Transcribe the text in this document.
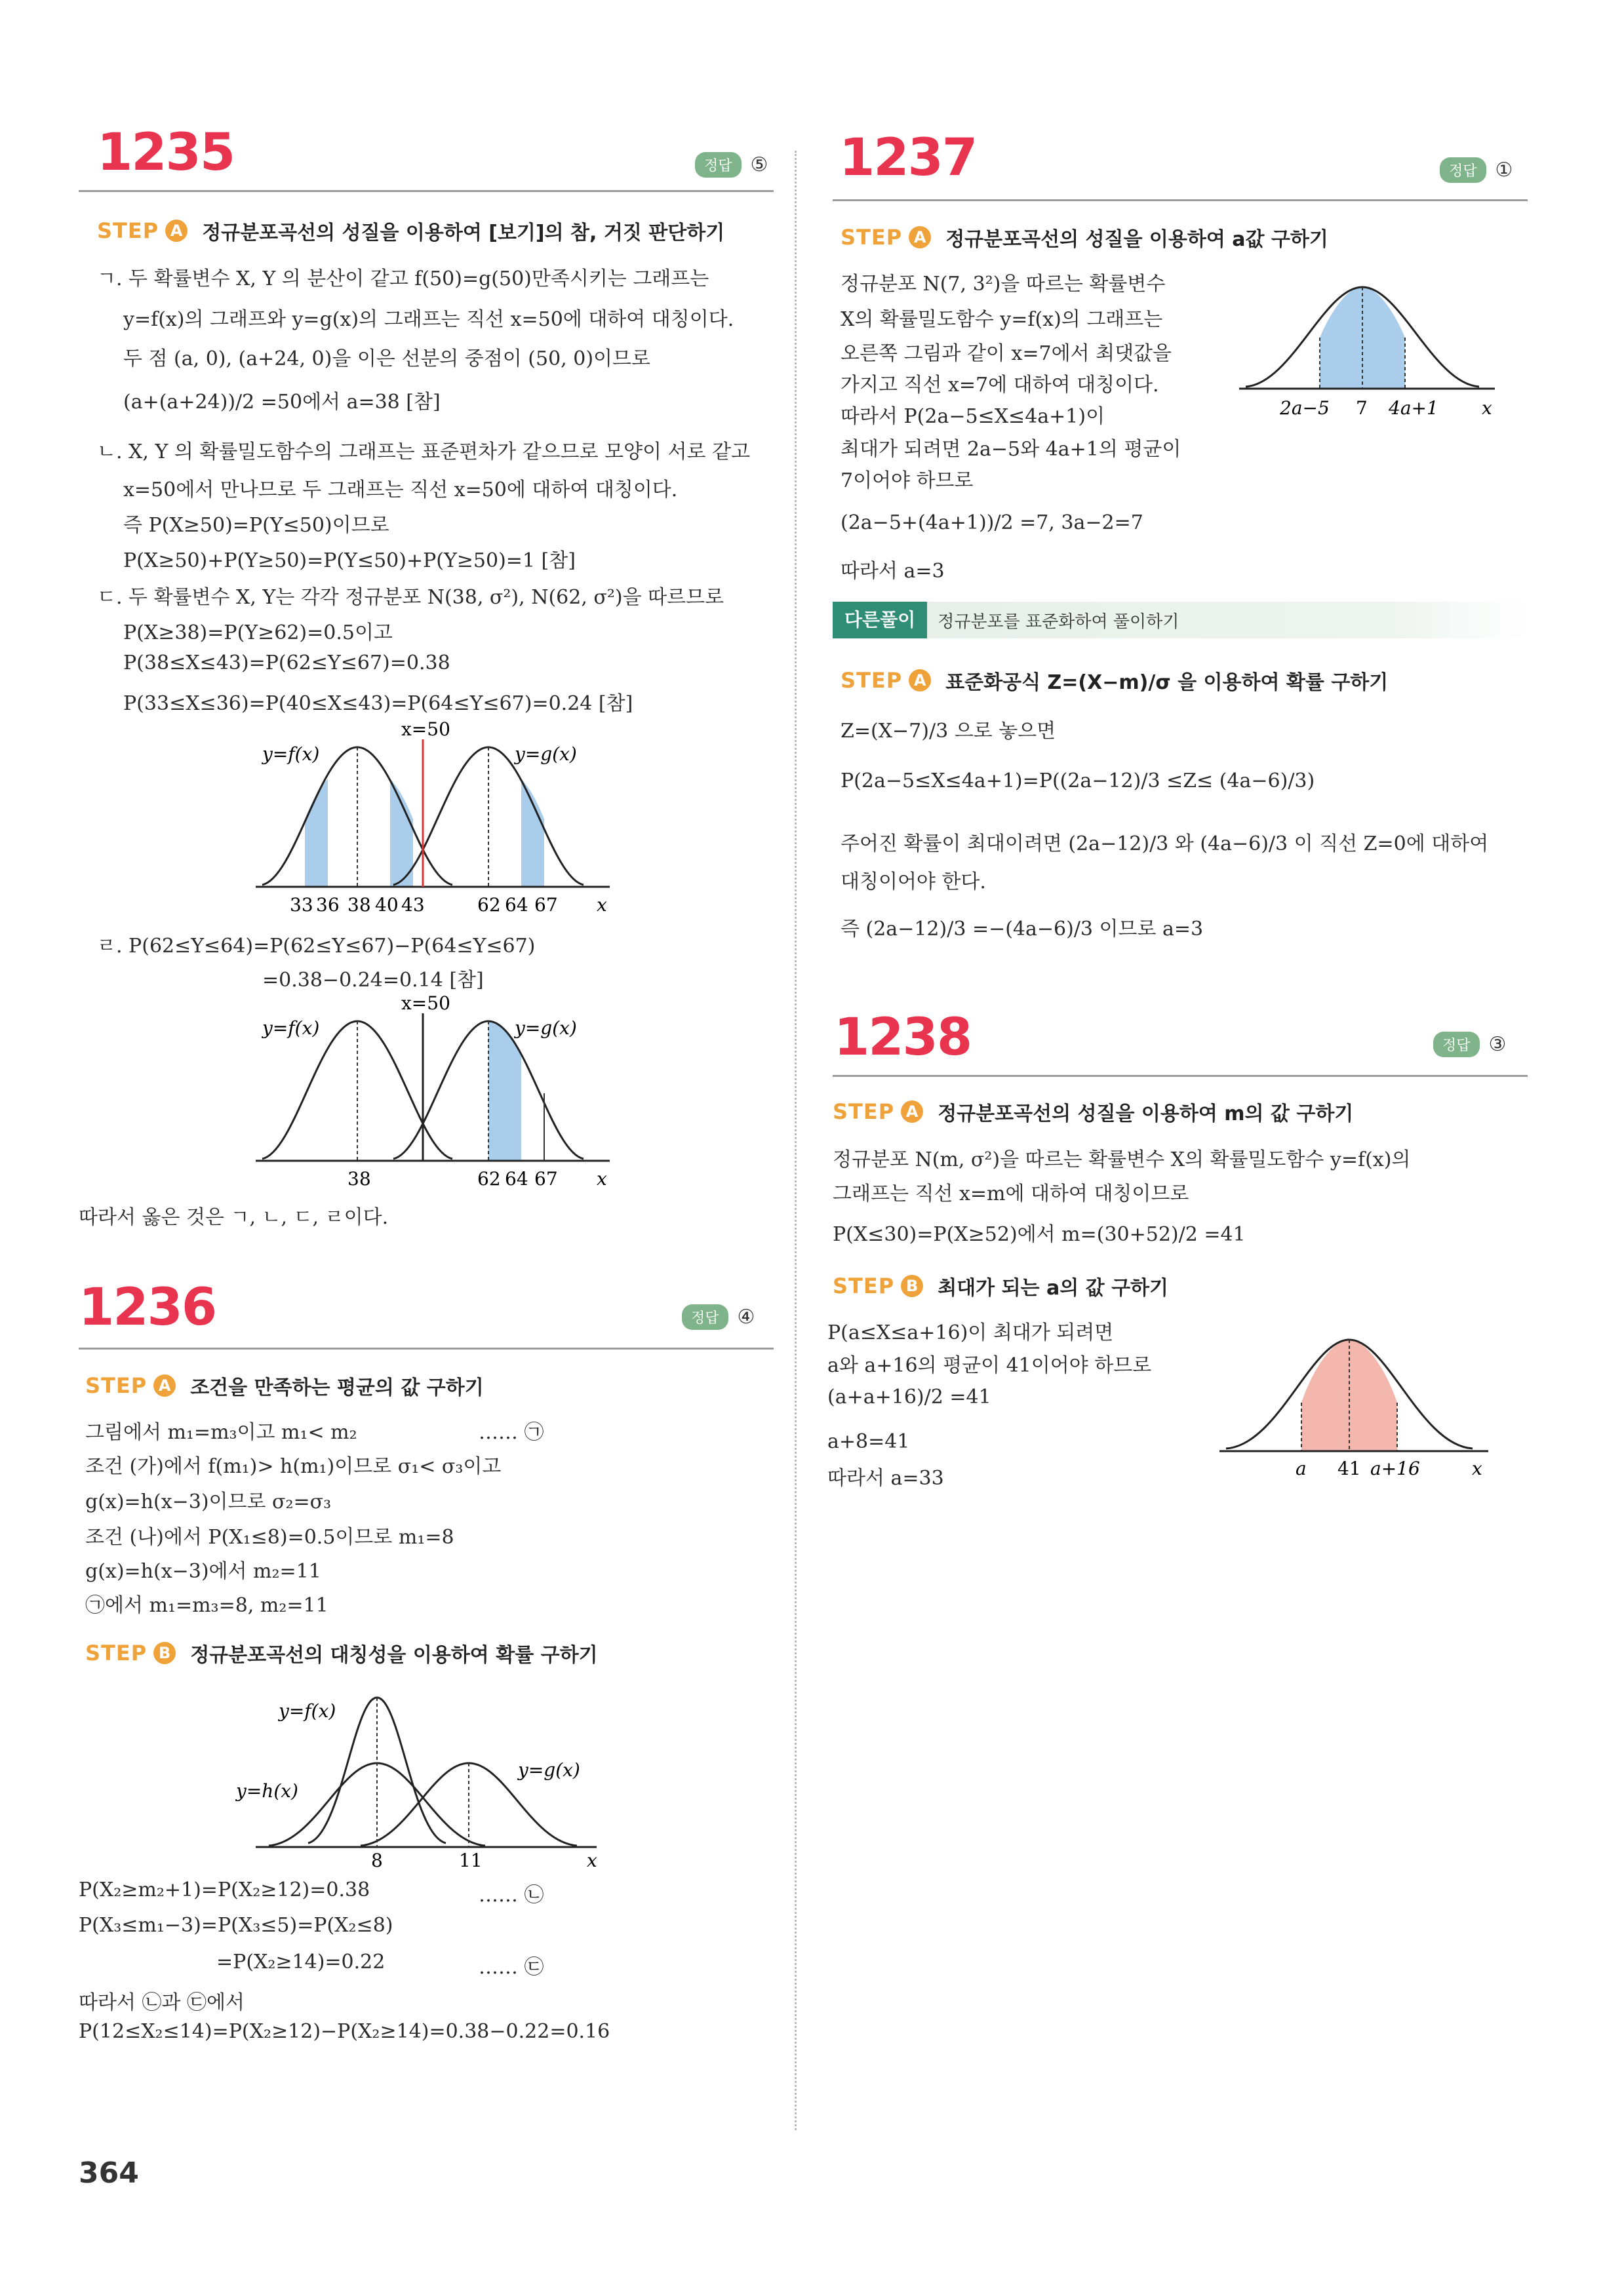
1235	정답 ⑤
STEP A 정규분포곡선의 성질을 이용하여 [보기]의 참, 거짓 판단하기
ㄱ. 두 확률변수 X, Y 의 분산이 같고 f(50)=g(50)만족시키는 그래프는
y=f(x)의 그래프와 y=g(x)의 그래프는 직선 x=50에 대하여 대칭이다.
두 점 (a, 0), (a+24, 0)을 이은 선분의 중점이 (50, 0)이므로
(a+(a+24))/2 =50에서 a=38 [참]
ㄴ. X, Y 의 확률밀도함수의 그래프는 표준편차가 같으므로 모양이 서로 같고
x=50에서 만나므로 두 그래프는 직선 x=50에 대하여 대칭이다.
즉 P(X≥50)=P(Y≤50)이므로
P(X≥50)+P(Y≥50)=P(Y≤50)+P(Y≥50)=1 [참]
ㄷ. 두 확률변수 X, Y는 각각 정규분포 N(38, σ²), N(62, σ²)을 따르므로
P(X≥38)=P(Y≥62)=0.5이고
P(38≤X≤43)=P(62≤Y≤67)=0.38
P(33≤X≤36)=P(40≤X≤43)=P(64≤Y≤67)=0.24 [참]
x=50
y=f(x)	y=g(x)
33 36 38 40 43	62 64 67 x
ㄹ. P(62≤Y≤64)=P(62≤Y≤67)−P(64≤Y≤67)
=0.38−0.24=0.14 [참]
x=50
y=f(x)	y=g(x)
38	62 64 67 x
따라서 옳은 것은 ㄱ, ㄴ, ㄷ, ㄹ이다.
1236	정답 ④
STEP A 조건을 만족하는 평균의 값 구하기
그림에서 m₁=m₃이고 m₁< m₂	…… ㉠
조건 (가)에서 f(m₁)> h(m₁)이므로 σ₁< σ₃이고
g(x)=h(x−3)이므로 σ₂=σ₃
조건 (나)에서 P(X₁≤8)=0.5이므로 m₁=8
g(x)=h(x−3)에서 m₂=11
㉠에서 m₁=m₃=8, m₂=11
STEP B 정규분포곡선의 대칭성을 이용하여 확률 구하기
y=f(x)
y=h(x)
y=g(x)
8	11	x
P(X₂≥m₂+1)=P(X₂≥12)=0.38	…… ㉡
P(X₃≤m₁−3)=P(X₃≤5)=P(X₂≤8)
=P(X₂≥14)=0.22	…… ㉢
따라서 ㉡과 ㉢에서
P(12≤X₂≤14)=P(X₂≥12)−P(X₂≥14)=0.38−0.22=0.16
364
1237	정답 ①
STEP A 정규분포곡선의 성질을 이용하여 a값 구하기
정규분포 N(7, 3²)을 따르는 확률변수
X의 확률밀도함수 y=f(x)의 그래프는
오른쪽 그림과 같이 x=7에서 최댓값을
가지고 직선 x=7에 대하여 대칭이다.
따라서 P(2a−5≤X≤4a+1)이
최대가 되려면 2a−5와 4a+1의 평균이
7이어야 하므로
(2a−5+(4a+1))/2 =7, 3a−2=7
따라서 a=3
2a−5 7 4a+1 x
다른풀이	정규분포를 표준화하여 풀이하기
STEP A 표준화공식 Z=(X−m)/σ 을 이용하여 확률 구하기
Z=(X−7)/3 으로 놓으면
P(2a−5≤X≤4a+1)=P((2a−12)/3 ≤Z≤ (4a−6)/3)
주어진 확률이 최대이려면 (2a−12)/3 와 (4a−6)/3 이 직선 Z=0에 대하여
대칭이어야 한다.
즉 (2a−12)/3 =−(4a−6)/3 이므로 a=3
1238	정답 ③
STEP A 정규분포곡선의 성질을 이용하여 m의 값 구하기
정규분포 N(m, σ²)을 따르는 확률변수 X의 확률밀도함수 y=f(x)의
그래프는 직선 x=m에 대하여 대칭이므로
P(X≤30)=P(X≥52)에서 m=(30+52)/2 =41
STEP B 최대가 되는 a의 값 구하기
P(a≤X≤a+16)이 최대가 되려면
a와 a+16의 평균이 41이어야 하므로
(a+a+16)/2 =41
a+8=41
따라서 a=33	a 41 a+16	x
